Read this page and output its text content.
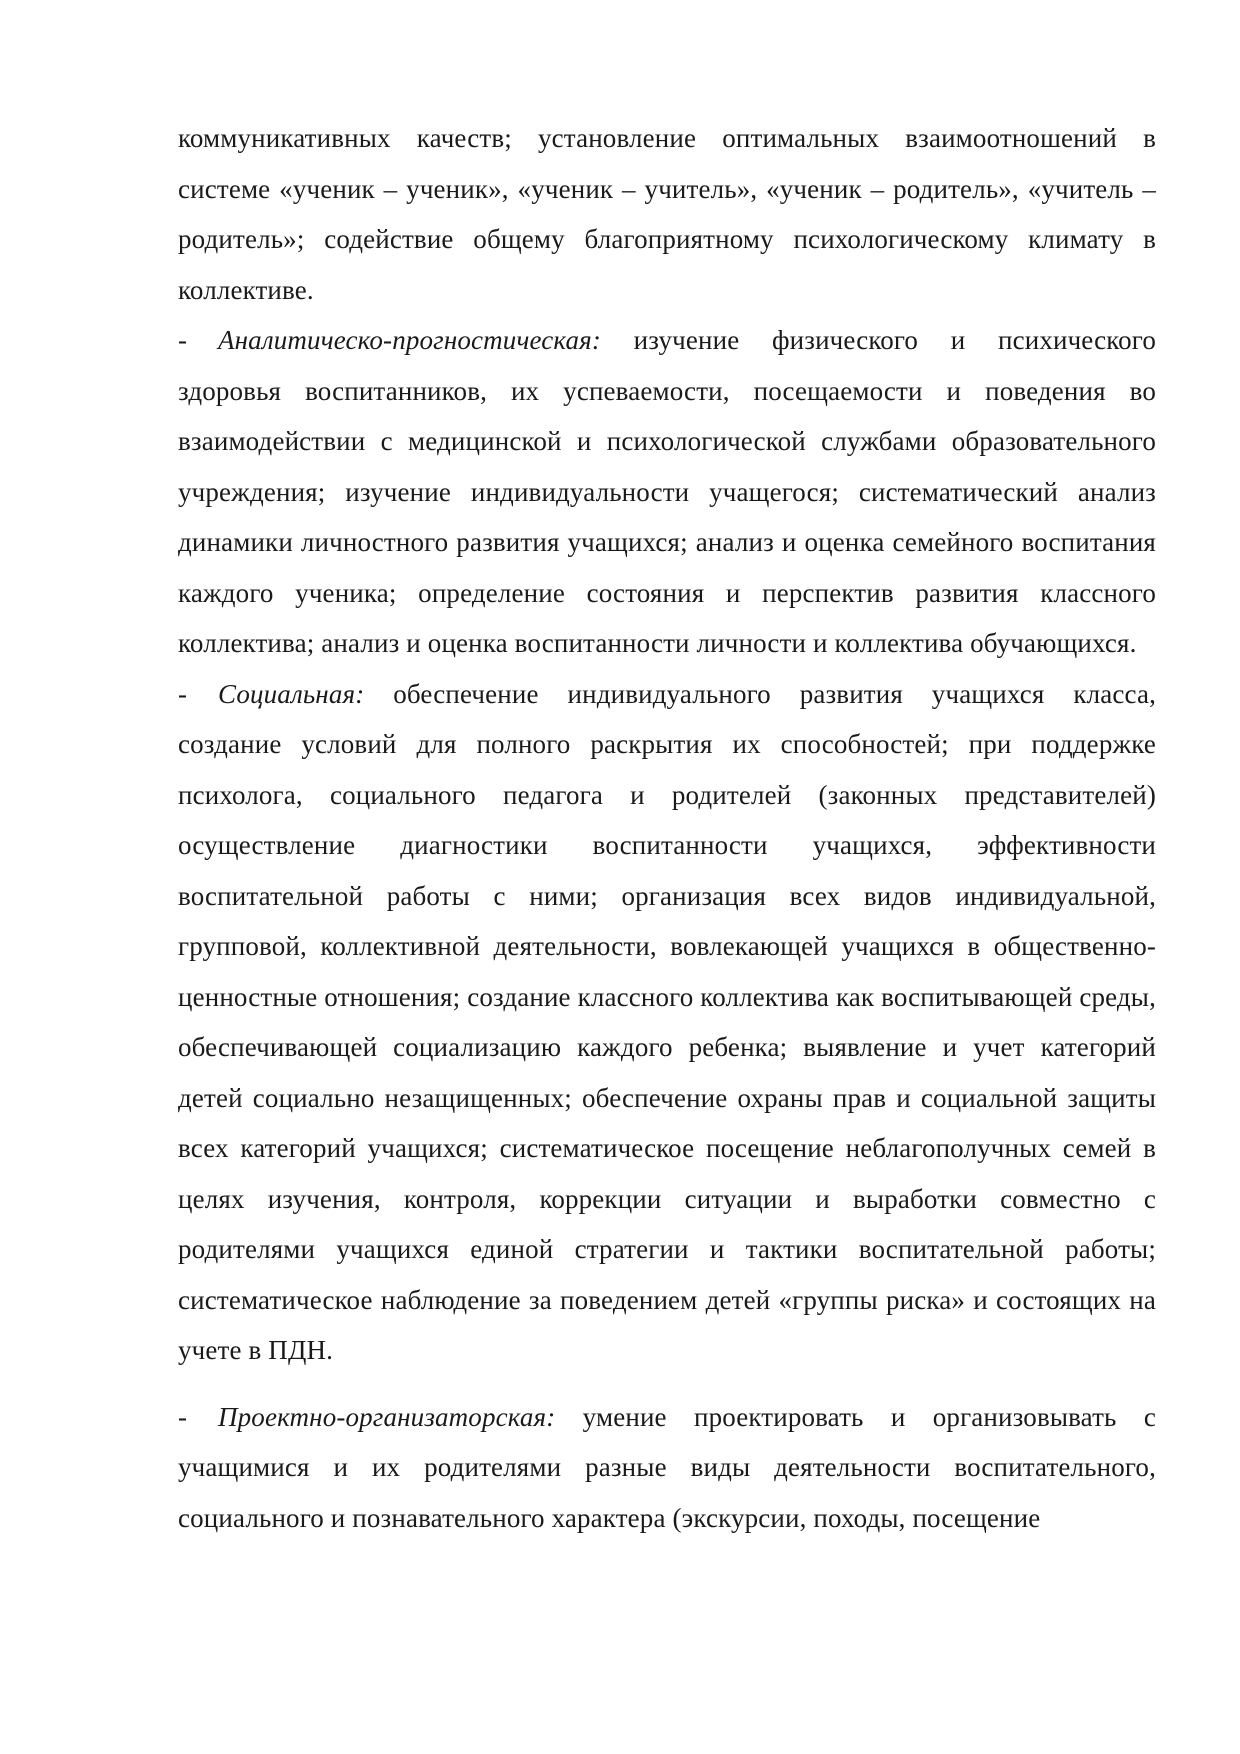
коммуникативных качеств; установление оптимальных взаимоотношений в системе «ученик – ученик», «ученик – учитель», «ученик – родитель», «учитель – родитель»; содействие общему благоприятному психологическому климату в коллективе.

- Аналитическо-прогностическая: изучение физического и психического здоровья воспитанников, их успеваемости, посещаемости и поведения во взаимодействии с медицинской и психологической службами образовательного учреждения; изучение индивидуальности учащегося; систематический анализ динамики личностного развития учащихся; анализ и оценка семейного воспитания каждого ученика; определение состояния и перспектив развития классного коллектива; анализ и оценка воспитанности личности и коллектива обучающихся.

- Социальная: обеспечение индивидуального развития учащихся класса, создание условий для полного раскрытия их способностей; при поддержке психолога, социального педагога и родителей (законных представителей) осуществление диагностики воспитанности учащихся, эффективности воспитательной работы с ними; организация всех видов индивидуальной, групповой, коллективной деятельности, вовлекающей учащихся в общественно-ценностные отношения; создание классного коллектива как воспитывающей среды, обеспечивающей социализацию каждого ребенка; выявление и учет категорий детей социально незащищенных; обеспечение охраны прав и социальной защиты всех категорий учащихся; систематическое посещение неблагополучных семей в целях изучения, контроля, коррекции ситуации и выработки совместно с родителями учащихся единой стратегии и тактики воспитательной работы; систематическое наблюдение за поведением детей «группы риска» и состоящих на учете в ПДН.

- Проектно-организаторская: умение проектировать и организовывать с учащимися и их родителями разные виды деятельности воспитательного, социального и познавательного характера (экскурсии, походы, посещение
